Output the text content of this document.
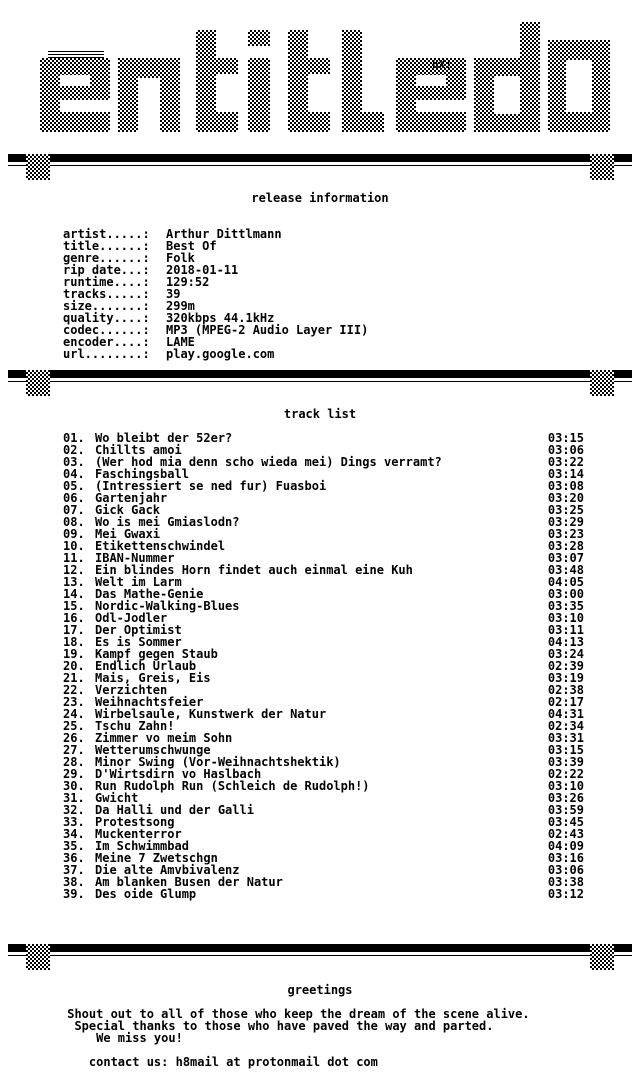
hX!
release information
artist.....:	Arthur Dittlmann
title......:	Best Of
genre......:	Folk
rip date...:	2018-01-11
runtime....:	129:52
tracks.....:	39
size.......:	299m
quality....:	320kbps 44.1kHz
codec......:	MP3 (MPEG-2 Audio Layer III)
encoder....:	LAME
url........:	play.google.com
track list
01. Wo bleibt der 52er?	03:15
02. Chillts amoi	03:06
03. (Wer hod mia denn scho wieda mei) Dings verramt?	03:22
04. Faschingsball	03:14
05. (Intressiert se ned fur) Fuasboi	03:08
06. Gartenjahr	03:20
07. Gick Gack	03:25
08. Wo is mei Gmiaslodn?	03:29
09. Mei Gwaxi	03:23
10. Etikettenschwindel	03:28
11. IBAN-Nummer	03:07
12. Ein blindes Horn findet auch einmal eine Kuh	03:48
13. Welt im Larm	04:05
14. Das Mathe-Genie	03:00
15. Nordic-Walking-Blues	03:35
16. Odl-Jodler	03:10
17. Der Optimist	03:11
18. Es is Sommer	04:13
19. Kampf gegen Staub	03:24
20. Endlich Urlaub	02:39
21. Mais, Greis, Eis	03:19
22. Verzichten	02:38
23. Weihnachtsfeier	02:17
24. Wirbelsaule, Kunstwerk der Natur	04:31
25. Tschu Zahn!	02:34
26. Zimmer vo meim Sohn	03:31
27. Wetterumschwunge	03:15
28. Minor Swing (Vor-Weihnachtshektik)	03:39
29. D'Wirtsdirn vo Haslbach	02:22
30. Run Rudolph Run (Schleich de Rudolph!)	03:10
31. Gwicht	03:26
32. Da Halli und der Galli	03:59
33. Protestsong	03:45
34. Muckenterror	02:43
35. Im Schwimmbad	04:09
36. Meine 7 Zwetschgn	03:16
37. Die alte Amvbivalenz	03:06
38. Am blanken Busen der Natur	03:38
39. Des oide Glump	03:12
greetings
Shout out to all of those who keep the dream of the scene alive.
Special thanks to those who have paved the way and parted.
We miss you!
contact us: h8mail at protonmail dot com
